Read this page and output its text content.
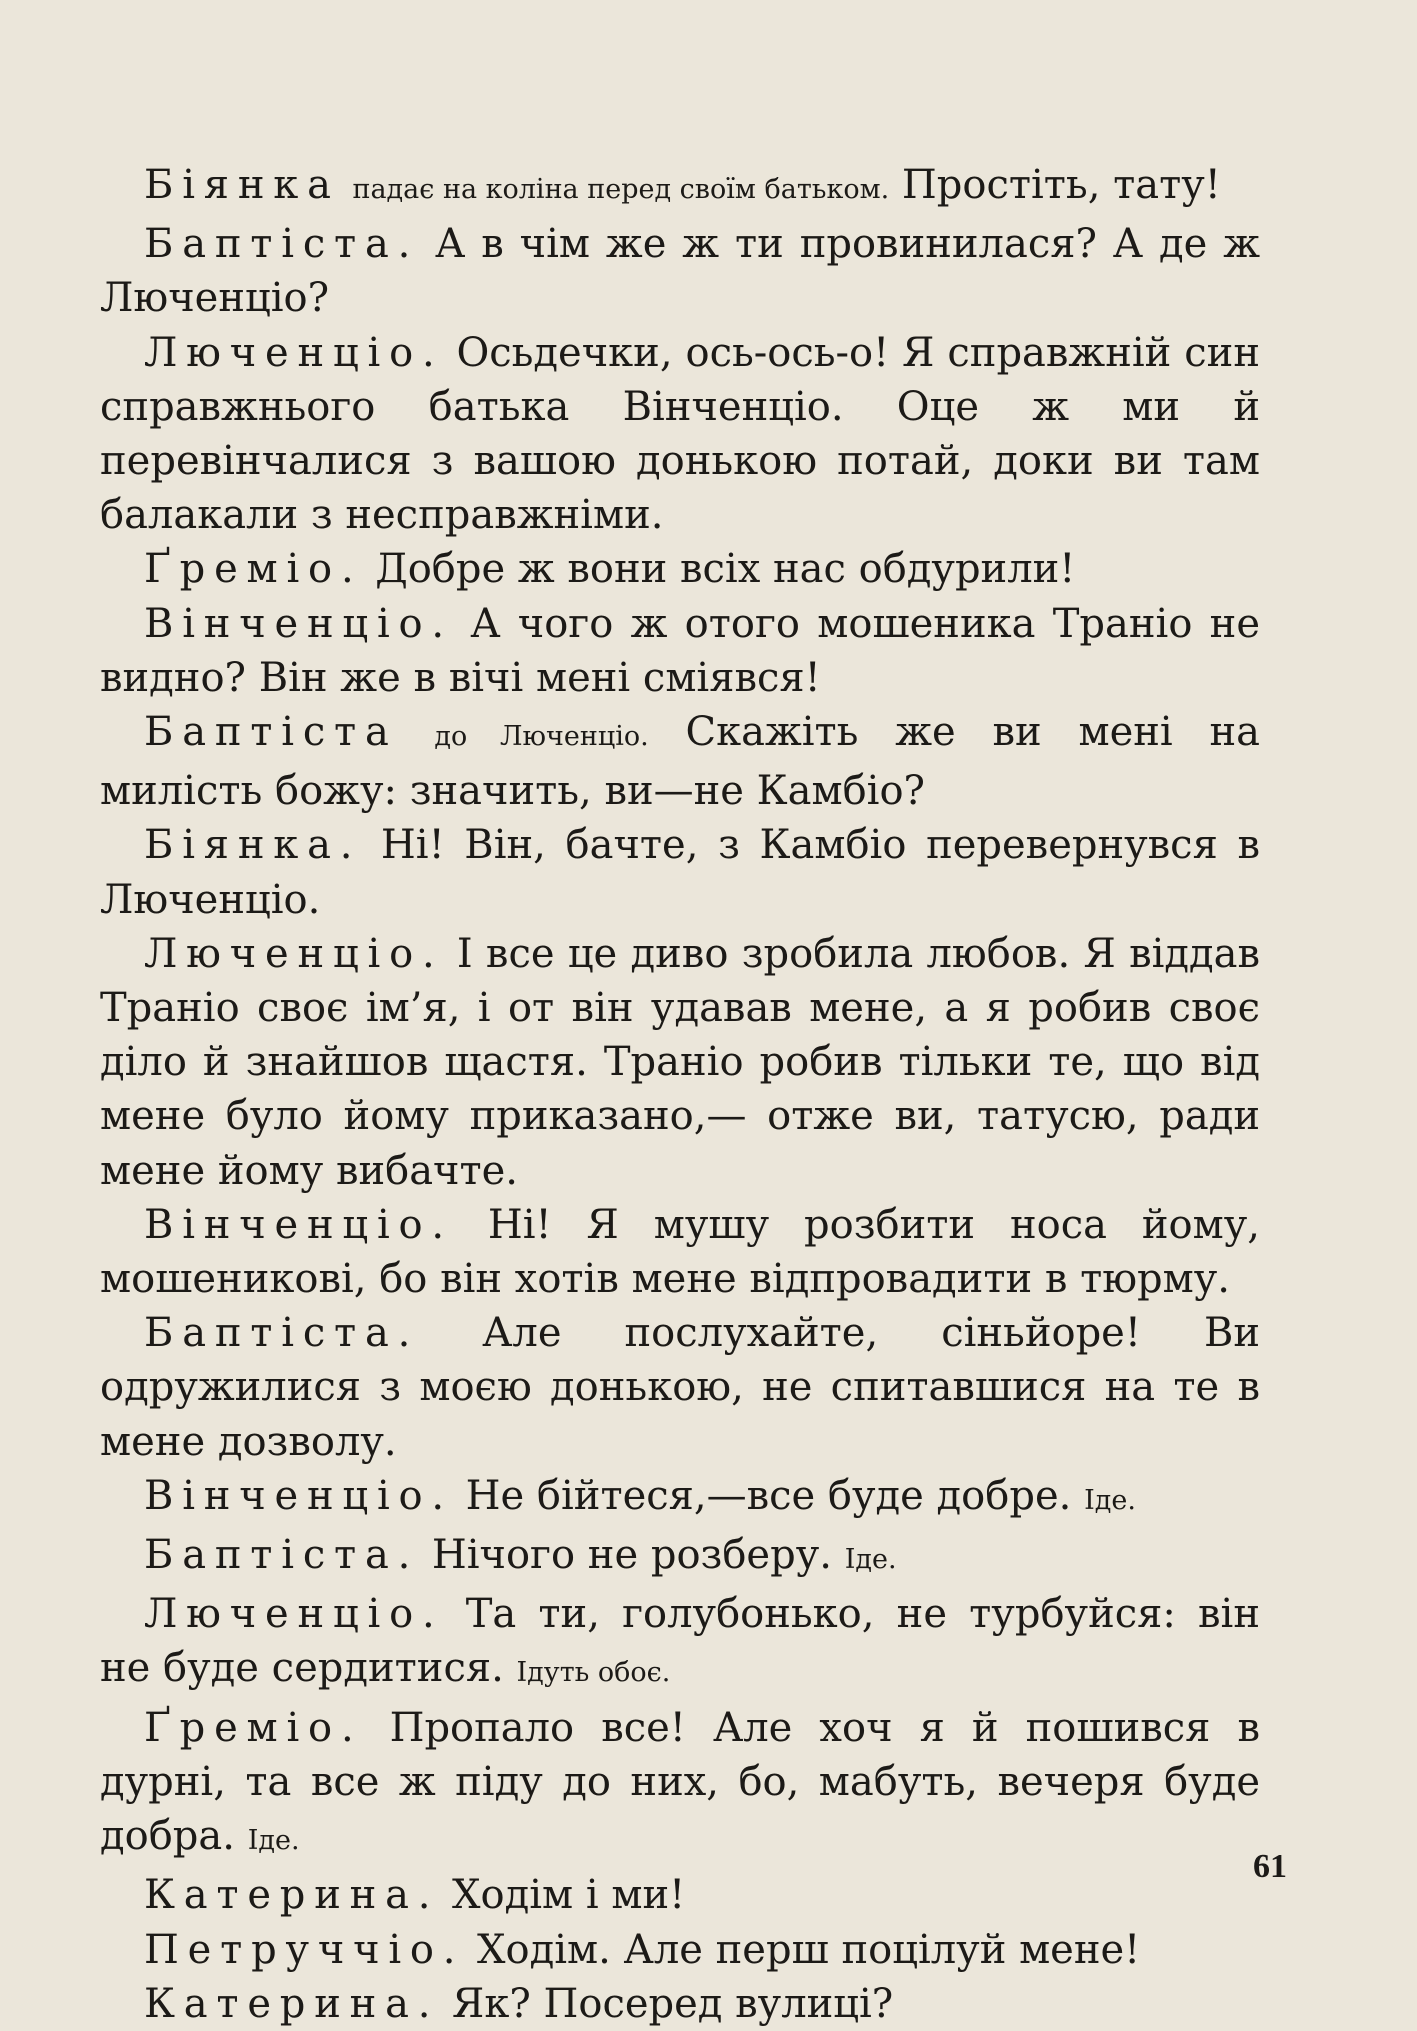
Біянка падає на коліна перед своїм батьком. Простіть, тату!

Баптіста. А в чім же ж ти провинилася? А де ж Люченціо?

Люченціо. Осьдечки, ось-ось-о! Я справжній син справжнього батька Вінченціо. Оце ж ми й перевінчалися з вашою донькою потай, доки ви там балакали з несправжніми.

Ґреміо. Добре ж вони всіх нас обдурили!

Вінченціо. А чого ж отого мошеника Траніо не видно? Він же в вічі мені сміявся!

Баптіста до Люченціо. Скажіть же ви мені на милість божу: значить, ви—не Камбіо?

Біянка. Ні! Він, бачте, з Камбіо перевернувся в Люченціо.

Люченціо. І все це диво зробила любов. Я віддав Траніо своє ім’я, і от він удавав мене, а я робив своє діло й знайшов щастя. Траніо робив тільки те, що від мене було йому приказано,— отже ви, татусю, ради мене йому вибачте.

Вінченціо. Ні! Я мушу розбити носа йому, мошеникові, бо він хотів мене відпровадити в тюрму.

Баптіста. Але послухайте, сіньйоре! Ви одружилися з моєю донькою, не спитавшися на те в мене дозволу.

Вінченціо. Не бійтеся,—все буде добре. Іде.

Баптіста. Нічого не розберу. Іде.

Люченціо. Та ти, голубонько, не турбуйся: він не буде сердитися. Ідуть обоє.

Ґреміо. Пропало все! Але хоч я й пошився в дурні, та все ж піду до них, бо, мабуть, вечеря буде добра. Іде.

Катерина. Ходім і ми!

Петруччіо. Ходім. Але перш поцілуй мене!

Катерина. Як? Посеред вулиці?

61
